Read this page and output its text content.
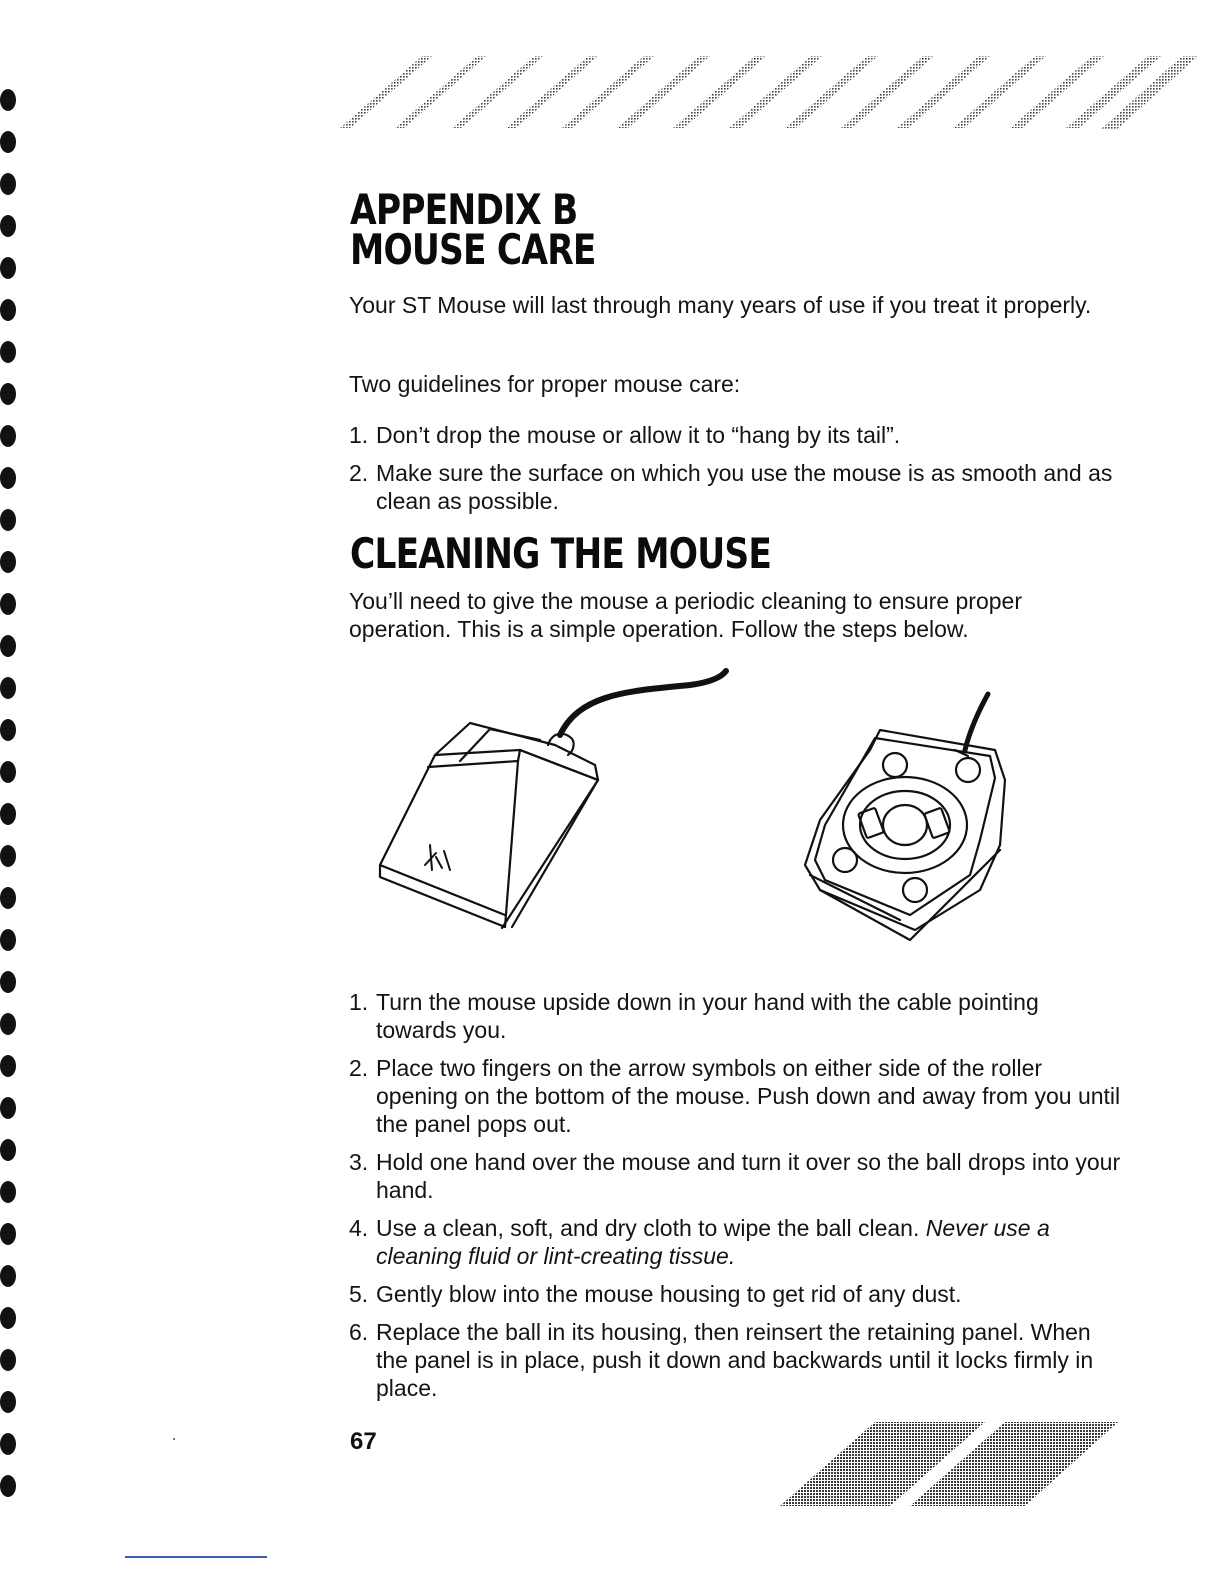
APPENDIX B
MOUSE CARE

Your ST Mouse will last through many years of use if you treat it properly.

Two guidelines for proper mouse care:

1. Don’t drop the mouse or allow it to “hang by its tail”.
2. Make sure the surface on which you use the mouse is as smooth and as clean as possible.
CLEANING THE MOUSE

You’ll need to give the mouse a periodic cleaning to ensure proper operation. This is a simple operation. Follow the steps below.

1. Turn the mouse upside down in your hand with the cable pointing towards you.
2. Place two fingers on the arrow symbols on either side of the roller opening on the bottom of the mouse. Push down and away from you until the panel pops out.
3. Hold one hand over the mouse and turn it over so the ball drops into your hand.
4. Use a clean, soft, and dry cloth to wipe the ball clean. Never use a cleaning fluid or lint-creating tissue.
5. Gently blow into the mouse housing to get rid of any dust.
6. Replace the ball in its housing, then reinsert the retaining panel. When the panel is in place, push it down and backwards until it locks firmly in place.
67
